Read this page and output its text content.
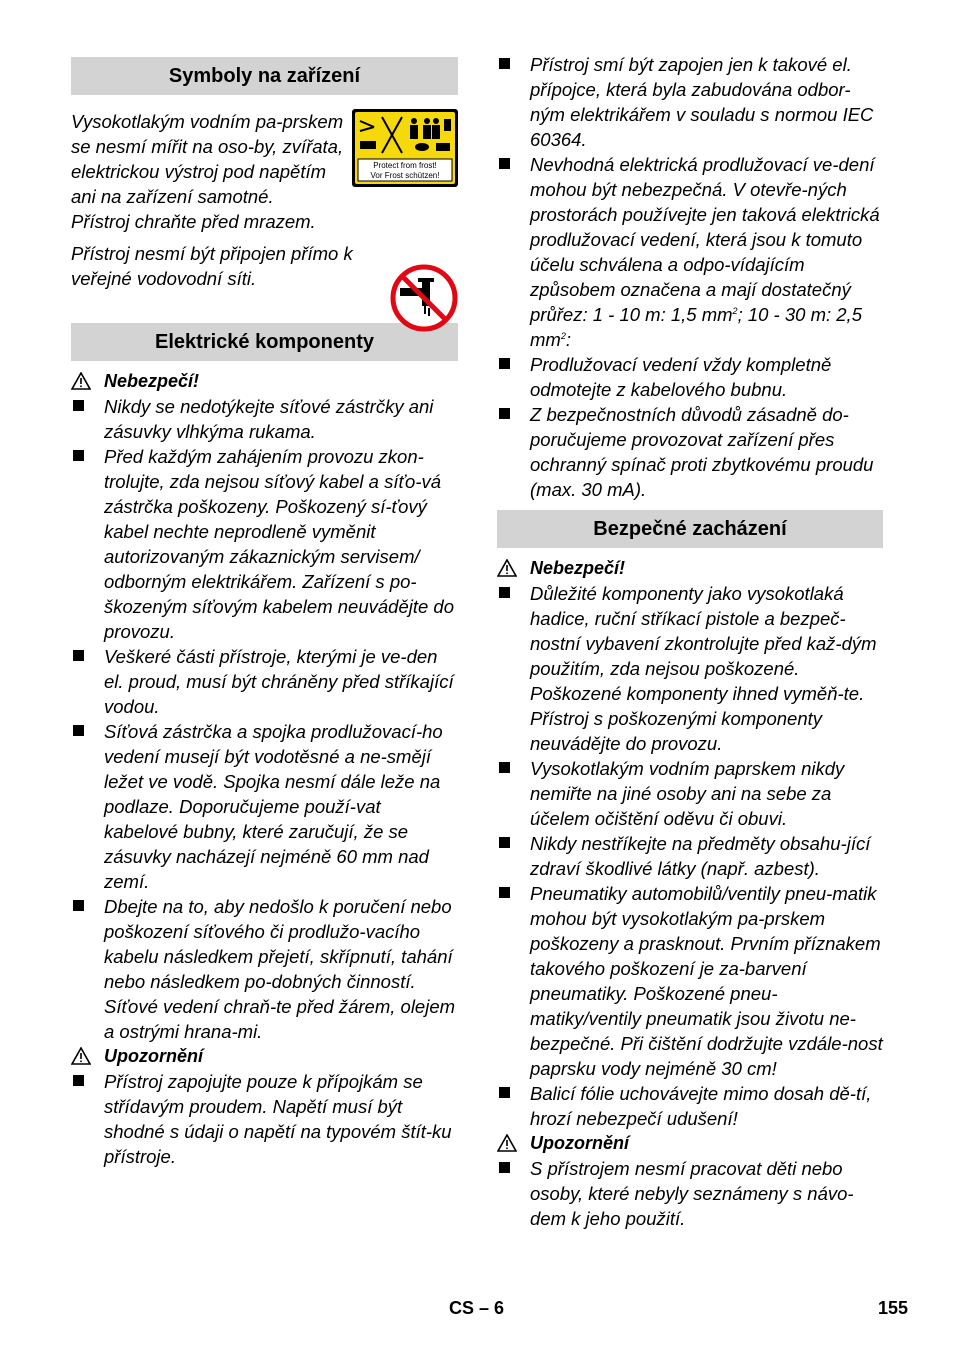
Symboly na zařízení
Protect from frost!
Vor Frost schützen!
Vysokotlakým vodním pa-prskem se nesmí mířit na oso-by, zvířata, elektrickou výstroj pod napětím ani na zařízení samotné.
Přístroj chraňte před mrazem.
Přístroj nesmí být připojen přímo k veřejné vodovodní síti.
Elektrické komponenty
Nebezpečí!
Nikdy se nedotýkejte síťové zástrčky ani zásuvky vlhkýma rukama.
Před každým zahájením provozu zkon-trolujte, zda nejsou síťový kabel a síťo-vá zástrčka poškozeny. Poškozený sí-ťový kabel nechte neprodleně vyměnit autorizovaným zákaznickým servisem/ odborným elektrikářem. Zařízení s po-škozeným síťovým kabelem neuvádějte do provozu.
Veškeré části přístroje, kterými je ve-den el. proud, musí být chráněny před stříkající vodou.
Síťová zástrčka a spojka prodlužovací-ho vedení musejí být vodotěsné a ne-smějí ležet ve vodě. Spojka nesmí dále leže na podlaze. Doporučujeme použí-vat kabelové bubny, které zaručují, že se zásuvky nacházejí nejméně 60 mm nad zemí.
Dbejte na to, aby nedošlo k poručení nebo poškození síťového či prodlužo-vacího kabelu následkem přejetí, skřípnutí, tahání nebo následkem po-dobných činností. Síťové vedení chraň-te před žárem, olejem a ostrými hrana-mi.
Upozornění
Přístroj zapojujte pouze k přípojkám se střídavým proudem. Napětí musí být shodné s údaji o napětí na typovém štít-ku přístroje.
Přístroj smí být zapojen jen k takové el. přípojce, která byla zabudována odbor-ným elektrikářem v souladu s normou IEC 60364.
Nevhodná elektrická prodlužovací ve-dení mohou být nebezpečná. V otevře-ných prostorách používejte jen taková elektrická prodlužovací vedení, která jsou k tomuto účelu schválena a odpo-vídajícím způsobem označena a mají dostatečný průřez: 1 - 10 m: 1,5 $mm^2$; 10 - 30 m: 2,5 $mm^2$:
Prodlužovací vedení vždy kompletně odmotejte z kabelového bubnu.
Z bezpečnostních důvodů zásadně do-poručujeme provozovat zařízení přes ochranný spínač proti zbytkovému proudu (max. 30 mA).
Bezpečné zacházení
Nebezpečí!
Důležité komponenty jako vysokotlaká hadice, ruční stříkací pistole a bezpeč-nostní vybavení zkontrolujte před kaž-dým použitím, zda nejsou poškozené. Poškozené komponenty ihned vyměň-te. Přístroj s poškozenými komponenty neuvádějte do provozu.
Vysokotlakým vodním paprskem nikdy nemiřte na jiné osoby ani na sebe za účelem očištění oděvu či obuvi.
Nikdy nestříkejte na předměty obsahu-jící zdraví škodlivé látky (např. azbest).
Pneumatiky automobilů/ventily pneu-matik mohou být vysokotlakým pa-prskem poškozeny a prasknout. Prvním příznakem takového poškození je za-barvení pneumatiky. Poškozené pneu-matiky/ventily pneumatik jsou životu ne-bezpečné. Při čištění dodržujte vzdále-nost paprsku vody nejméně 30 cm!
Balicí fólie uchovávejte mimo dosah dě-tí, hrozí nebezpečí udušení!
Upozornění
S přístrojem nesmí pracovat děti nebo osoby, které nebyly seznámeny s návo-dem k jeho použití.
CS – 6	155
